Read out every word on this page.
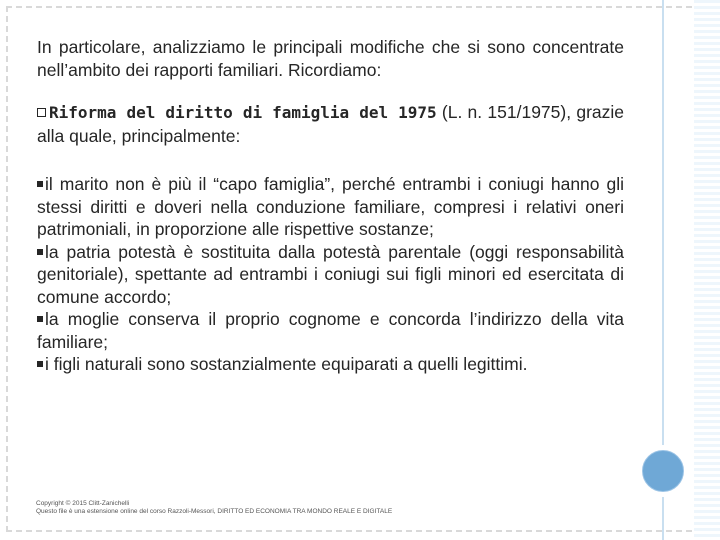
In particolare, analizziamo le principali modifiche che si sono concentrate nell’ambito dei rapporti familiari. Ricordiamo:

Riforma del diritto di famiglia del 1975 (L. n. 151/1975), grazie alla quale, principalmente:

il marito non è più il “capo famiglia”, perché entrambi i coniugi hanno gli stessi diritti e doveri nella conduzione familiare, compresi i relativi oneri patrimoniali, in proporzione alle rispettive sostanze;

la patria potestà è sostituita dalla potestà parentale (oggi responsabilità genitoriale), spettante ad entrambi i coniugi sui figli minori ed esercitata di comune accordo;

la moglie conserva il proprio cognome e concorda l’indirizzo della vita familiare;

i figli naturali sono sostanzialmente equiparati a quelli legittimi.

Copyright © 2015 Clitt-Zanichelli
Questo file è una estensione online del corso Razzoli-Messori, DIRITTO ED ECONOMIA TRA MONDO REALE E DIGITALE
